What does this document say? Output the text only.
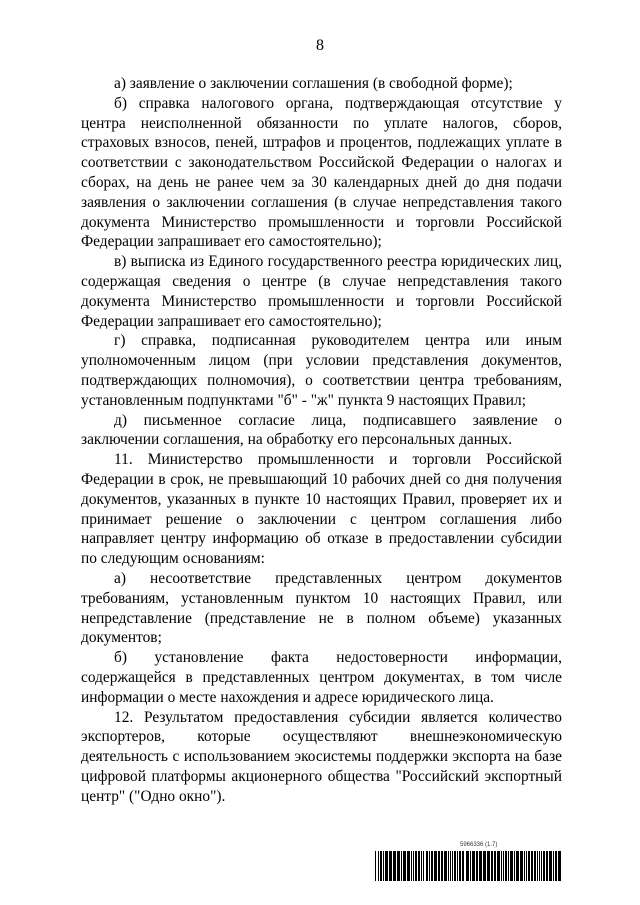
8

а) заявление о заключении соглашения (в свободной форме);

б) справка налогового органа, подтверждающая отсутствие у центра неисполненной обязанности по уплате налогов, сборов, страховых взносов, пеней, штрафов и процентов, подлежащих уплате в соответствии с законодательством Российской Федерации о налогах и сборах, на день не ранее чем за 30 календарных дней до дня подачи заявления о заключении соглашения (в случае непредставления такого документа Министерство промышленности и торговли Российской Федерации запрашивает его самостоятельно);

в) выписка из Единого государственного реестра юридических лиц, содержащая сведения о центре (в случае непредставления такого документа Министерство промышленности и торговли Российской Федерации запрашивает его самостоятельно);

г) справка, подписанная руководителем центра или иным уполномоченным лицом (при условии представления документов, подтверждающих полномочия), о соответствии центра требованиям, установленным подпунктами "б" - "ж" пункта 9 настоящих Правил;

д) письменное согласие лица, подписавшего заявление о заключении соглашения, на обработку его персональных данных.

11. Министерство промышленности и торговли Российской Федерации в срок, не превышающий 10 рабочих дней со дня получения документов, указанных в пункте 10 настоящих Правил, проверяет их и принимает решение о заключении с центром соглашения либо направляет центру информацию об отказе в предоставлении субсидии по следующим основаниям:

а) несоответствие представленных центром документов требованиям, установленным пунктом 10 настоящих Правил, или непредставление (представление не в полном объеме) указанных документов;

б) установление факта недостоверности информации, содержащейся в представленных центром документах, в том числе информации о месте нахождения и адресе юридического лица.

12. Результатом предоставления субсидии является количество экспортеров, которые осуществляют внешнеэкономическую деятельность с использованием экосистемы поддержки экспорта на базе цифровой платформы акционерного общества "Российский экспортный центр" ("Одно окно").

5966336 (1.7)
